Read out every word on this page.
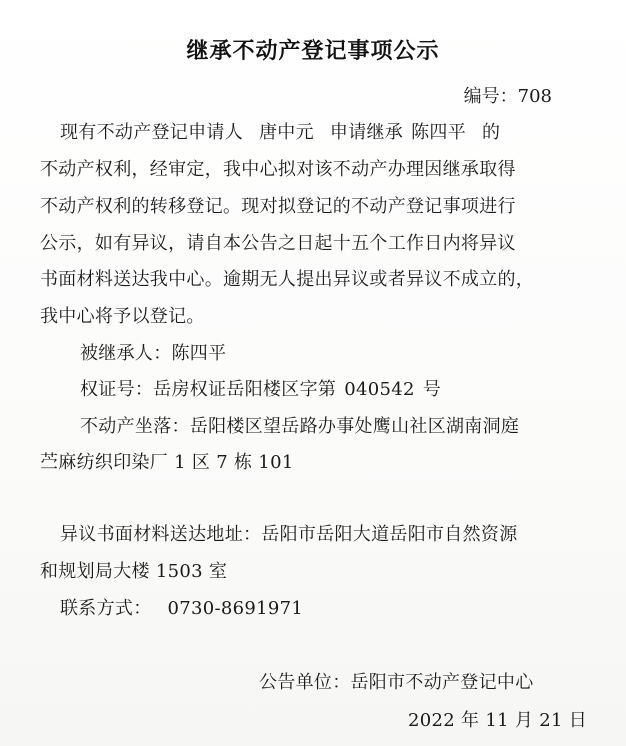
继承不动产登记事项公示
编号：708
现有不动产登记申请人 唐中元 申请继承 陈四平 的
不动产权利，经审定，我中心拟对该不动产办理因继承取得
不动产权利的转移登记。现对拟登记的不动产登记事项进行
公示，如有异议，请自本公告之日起十五个工作日内将异议
书面材料送达我中心。逾期无人提出异议或者异议不成立的，
我中心将予以登记。
被继承人：陈四平
权证号：岳房权证岳阳楼区字第 040542 号
不动产坐落：岳阳楼区望岳路办事处鹰山社区湖南洞庭
苎麻纺织印染厂 1 区 7 栋 101
异议书面材料送达地址：岳阳市岳阳大道岳阳市自然资源
和规划局大楼 1503 室
联系方式： 0730-8691971
公告单位：岳阳市不动产登记中心
2022 年 11 月 21 日
